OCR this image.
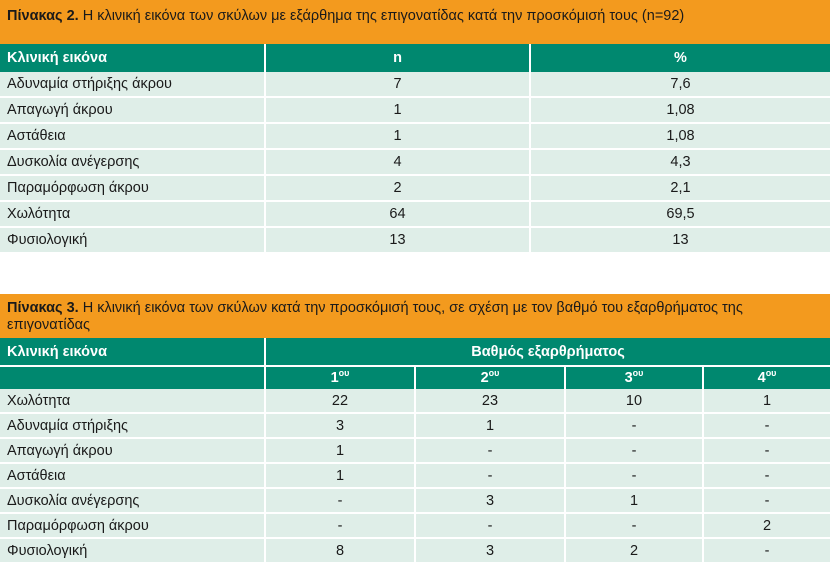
Πίνακας 2. Η κλινική εικόνα των σκύλων με εξάρθημα της επιγονατίδας κατά την προσκόμισή τους (n=92)
Κλινική εικόνα	n	%
Αδυναμία στήριξης άκρου	7	7,6
Απαγωγή άκρου	1	1,08
Αστάθεια	1	1,08
Δυσκολία ανέγερσης	4	4,3
Παραμόρφωση άκρου	2	2,1
Χωλότητα	64	69,5
Φυσιολογική	13	13
Πίνακας 3. Η κλινική εικόνα των σκύλων κατά την προσκόμισή τους, σε σχέση με τον βαθμό του εξαρθρήματος της επιγονατίδας
Κλινική εικόνα	Βαθμός εξαρθρήματος			
	$1^{o\upsilon}$	$2^{o\upsilon}$	$3^{o\upsilon}$	$4^{o\upsilon}$
Χωλότητα	22	23	10	1
Αδυναμία στήριξης	3	1	-	-
Απαγωγή άκρου	1	-	-	-
Αστάθεια	1	-	-	-
Δυσκολία ανέγερσης	-	3	1	-
Παραμόρφωση άκρου	-	-	-	2
Φυσιολογική	8	3	2	-
